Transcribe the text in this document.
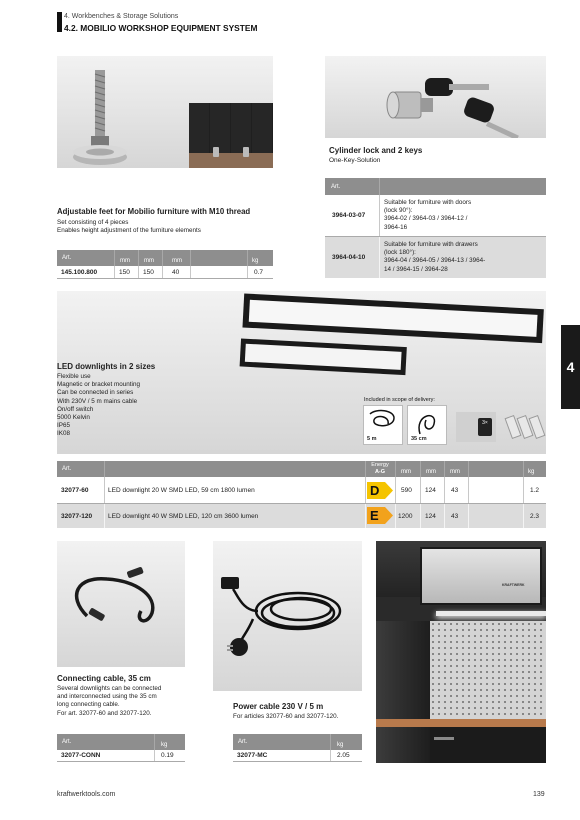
4. Workbenches & Storage Solutions
4.2. MOBILIO WORKSHOP EQUIPMENT SYSTEM
4
Cylinder lock and 2 keys
One-Key-Solution
Art.
3964-03-07
Suitable for furniture with doors
(lock 90°):
3964-02 / 3964-03 / 3964-12 /
3964-16
3964-04-10
Suitable for furniture with drawers
(lock 180°):
3964-04 / 3964-05 / 3964-13 / 3964-
14 / 3964-15 / 3964-28
Adjustable feet for Mobilio furniture with M10 thread
Set consisting of 4 pieces
Enables height adjustment of the furniture elements
Art.	mm mm	mm	kg
145.100.800	150 150	40	0.7
LED downlights in 2 sizes
Flexible use
Magnetic or bracket mounting
Can be connected in series
With 230V / 5 m mains cable
On/off switch
5000 Kelvin
IP65
IK08
Included in scope of delivery:
5 m	35 cm
3×
Art.
Energy
A-G	mm	mm mm	kg
32077-60	LED downlight 20 W SMD LED, 59 cm 1800 lumen	D	590 124 43	1.2
32077-120 LED downlight 40 W SMD LED, 120 cm 3600 lumen	E	1200 124 43	2.3
Connecting cable, 35 cm
Several downlights can be connected
and interconnected using the 35 cm
long connecting cable.
For art. 32077-60 and 32077-120.
Art.	kg
32077-CONN	0.19
Power cable 230 V / 5 m
For articles 32077-60 and 32077-120.
Art.	kg
32077-MC	2.05
KRAFTWERK
kraftwerktools.com	139
